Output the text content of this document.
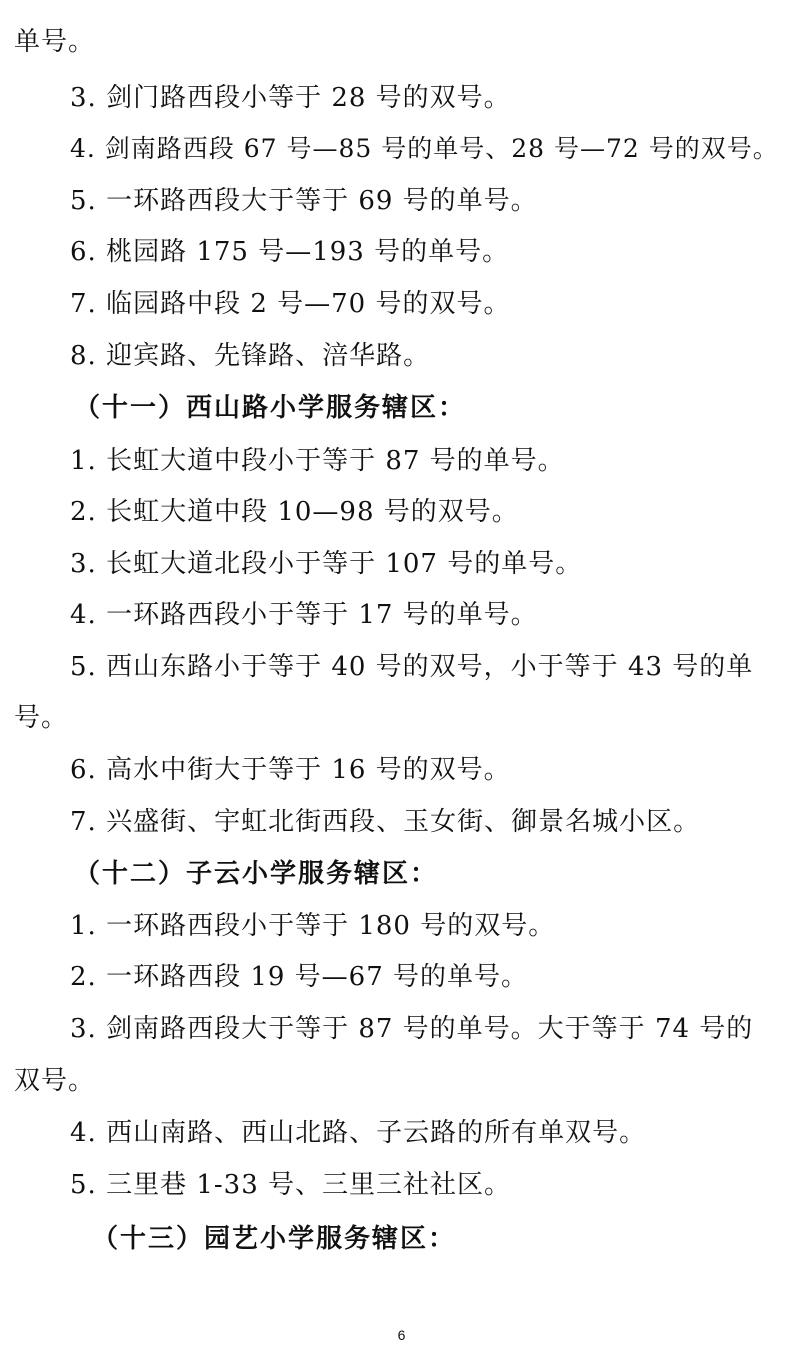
单号。
3. 剑门路西段小等于 28 号的双号。
4. 剑南路西段 67 号—85 号的单号、28 号—72 号的双号。
5. 一环路西段大于等于 69 号的单号。
6. 桃园路 175 号—193 号的单号。
7. 临园路中段 2 号—70 号的双号。
8. 迎宾路、先锋路、涪华路。
（十一）西山路小学服务辖区：
1. 长虹大道中段小于等于 87 号的单号。
2. 长虹大道中段 10—98 号的双号。
3. 长虹大道北段小于等于 107 号的单号。
4. 一环路西段小于等于 17 号的单号。
5. 西山东路小于等于 40 号的双号，小于等于 43 号的单
号。
6. 高水中街大于等于 16 号的双号。
7. 兴盛街、宇虹北街西段、玉女街、御景名城小区。
（十二）子云小学服务辖区：
1. 一环路西段小于等于 180 号的双号。
2. 一环路西段 19 号—67 号的单号。
3. 剑南路西段大于等于 87 号的单号。大于等于 74 号的
双号。
4. 西山南路、西山北路、子云路的所有单双号。
5. 三里巷 1-33 号、三里三社社区。
（十三）园艺小学服务辖区：
6
